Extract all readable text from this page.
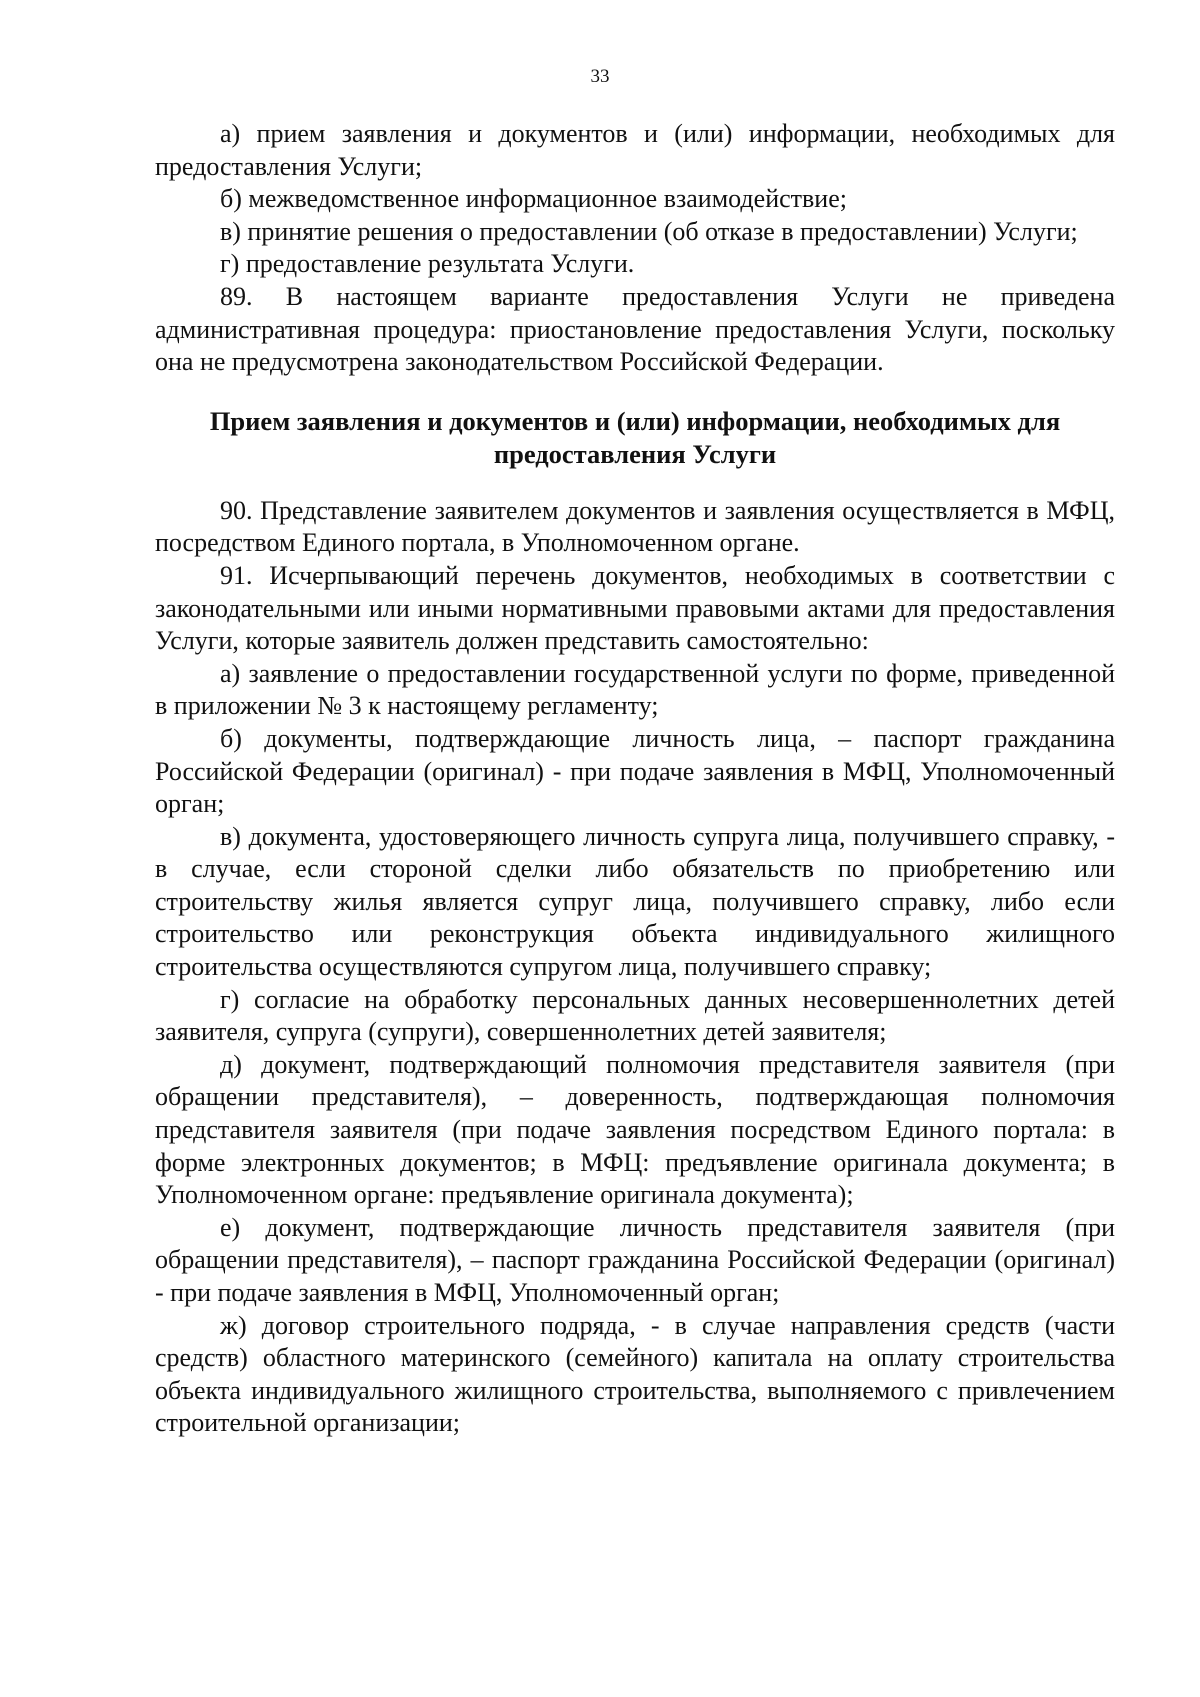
33

а) прием заявления и документов и (или) информации, необходимых для предоставления Услуги;

б) межведомственное информационное взаимодействие;

в) принятие решения о предоставлении (об отказе в предоставлении) Услуги;

г) предоставление результата Услуги.

89. В настоящем варианте предоставления Услуги не приведена административная процедура: приостановление предоставления Услуги, поскольку она не предусмотрена законодательством Российской Федерации.

Прием заявления и документов и (или) информации, необходимых для предоставления Услуги

90. Представление заявителем документов и заявления осуществляется в МФЦ, посредством Единого портала, в Уполномоченном органе.

91. Исчерпывающий перечень документов, необходимых в соответствии с законодательными или иными нормативными правовыми актами для предоставления Услуги, которые заявитель должен представить самостоятельно:

а) заявление о предоставлении государственной услуги по форме, приведенной в приложении № 3 к настоящему регламенту;

б) документы, подтверждающие личность лица, – паспорт гражданина Российской Федерации (оригинал) - при подаче заявления в МФЦ, Уполномоченный орган;

в) документа, удостоверяющего личность супруга лица, получившего справку, - в случае, если стороной сделки либо обязательств по приобретению или строительству жилья является супруг лица, получившего справку, либо если строительство или реконструкция объекта индивидуального жилищного строительства осуществляются супругом лица, получившего справку;

г) согласие на обработку персональных данных несовершеннолетних детей заявителя, супруга (супруги), совершеннолетних детей заявителя;

д) документ, подтверждающий полномочия представителя заявителя (при обращении представителя), – доверенность, подтверждающая полномочия представителя заявителя (при подаче заявления посредством Единого портала: в форме электронных документов; в МФЦ: предъявление оригинала документа; в Уполномоченном органе: предъявление оригинала документа);

е) документ, подтверждающие личность представителя заявителя (при обращении представителя), – паспорт гражданина Российской Федерации (оригинал) - при подаче заявления в МФЦ, Уполномоченный орган;

ж) договор строительного подряда, - в случае направления средств (части средств) областного материнского (семейного) капитала на оплату строительства объекта индивидуального жилищного строительства, выполняемого с привлечением строительной организации;
